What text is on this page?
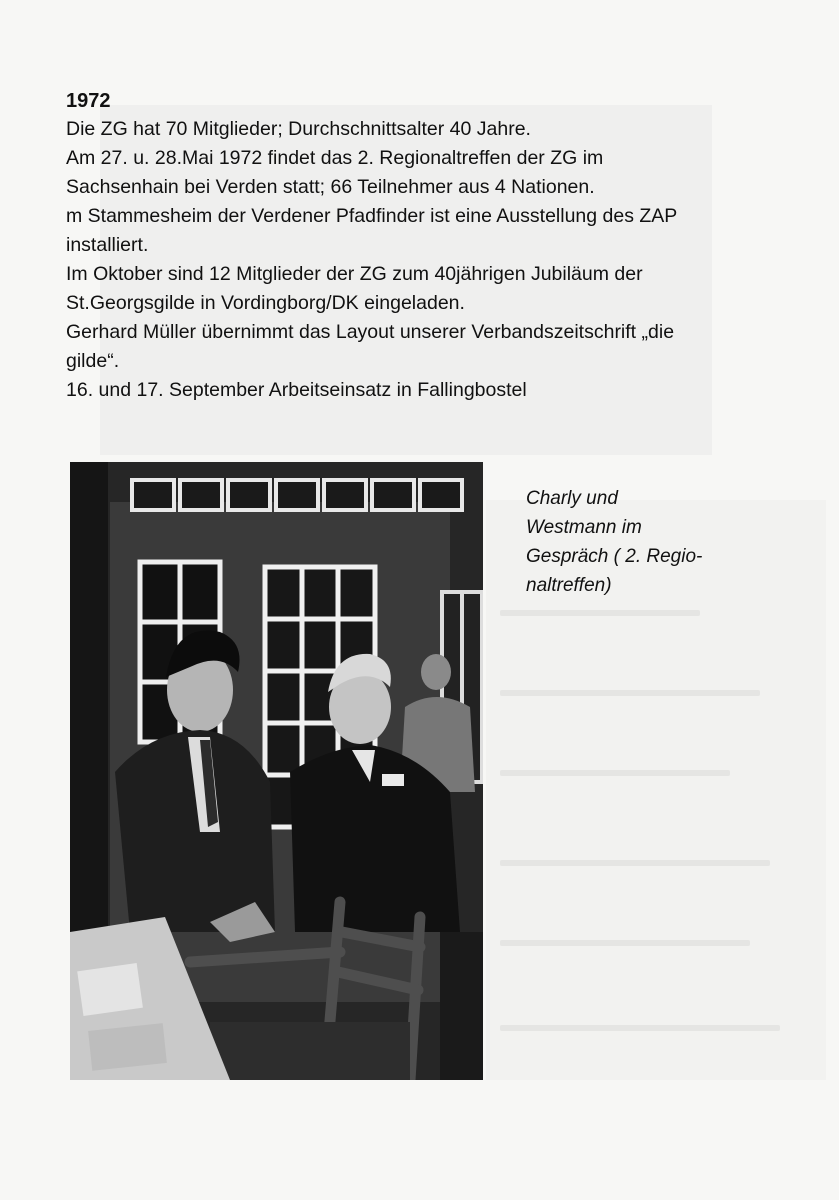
1972
Die ZG hat 70 Mitglieder; Durchschnittsalter 40 Jahre.
Am 27. u. 28.Mai 1972 findet das 2. Regionaltreffen der ZG im
Sachsenhain bei Verden statt; 66 Teilnehmer aus 4 Nationen.
m Stammesheim der Verdener Pfadfinder ist eine Ausstellung des ZAP
installiert.
Im Oktober sind 12 Mitglieder der ZG zum 40jährigen Jubiläum der
St.Georgsgilde in Vordingborg/DK eingeladen.
Gerhard Müller übernimmt das Layout unserer Verbandszeitschrift „die
gilde“.
16. und 17. September Arbeitseinsatz in Fallingbostel
Charly und
Westmann im
Gespräch ( 2. Regio-
naltreffen)
